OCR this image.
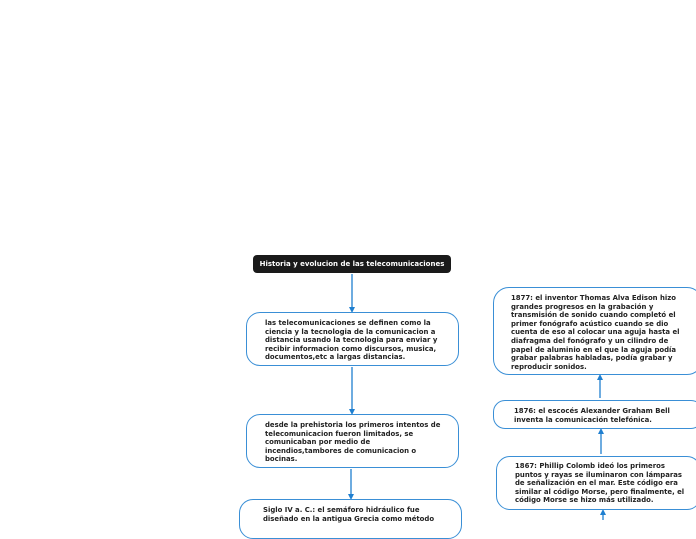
Historia y evolucion de las telecomunicaciones
las telecomunicaciones se definen como la ciencia y la tecnologia de la comunicacion a distancia usando la tecnologia para enviar y recibir informacion como discursos, musica, documentos,etc a largas distancias.
desde la prehistoria los primeros intentos de telecomunicacion fueron limitados, se comunicaban por medio de incendios,tambores de comunicacion o bocinas.
Siglo IV a. C.: el semáforo hidráulico fue diseñado en la antigua Grecia como método
1877: el inventor Thomas Alva Edison hizo grandes progresos en la grabación y transmisión de sonido cuando completó el primer fonógrafo acústico cuando se dio cuenta de eso al colocar una aguja hasta el diafragma del fonógrafo y un cilindro de papel de aluminio en el que la aguja podía grabar palabras habladas, podía grabar y reproducir sonidos.
1876: el escocés Alexander Graham Bell inventa la comunicación telefónica.
1867: Phillip Colomb ideó los primeros puntos y rayas se iluminaron con lámparas de señalización en el mar. Este código era similar al código Morse, pero finalmente, el código Morse se hizo más utilizado.
